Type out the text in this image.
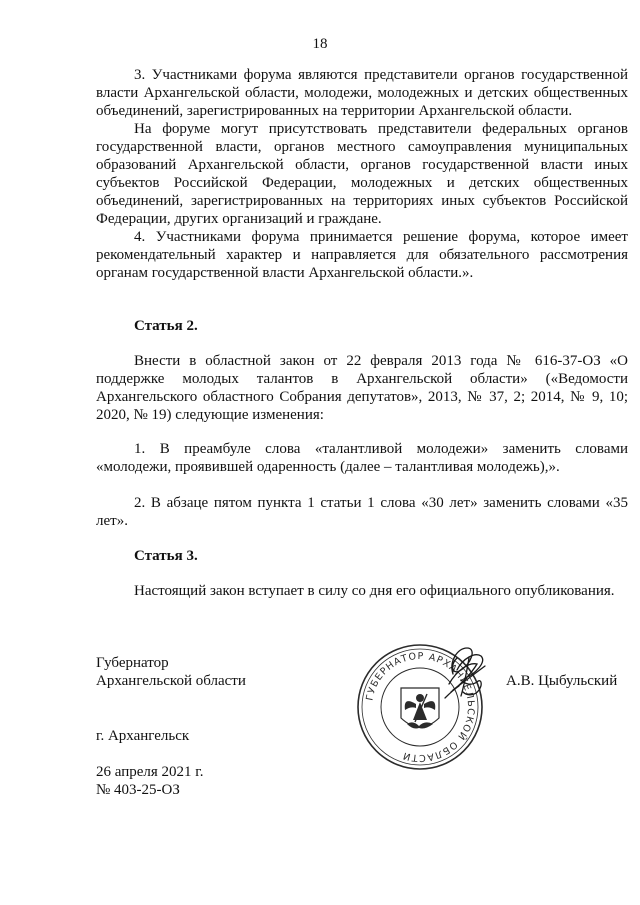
18

3. Участниками форума являются представители органов государственной власти Архангельской области, молодежи, молодежных и детских общественных объединений, зарегистрированных на территории Архангельской области.

На форуме могут присутствовать представители федеральных органов государственной власти, органов местного самоуправления муниципальных образований Архангельской области, органов государственной власти иных субъектов Российской Федерации, молодежных и детских общественных объединений, зарегистрированных на территориях иных субъектов Российской Федерации, других организаций и граждане.

4. Участниками форума принимается решение форума, которое имеет рекомендательный характер и направляется для обязательного рассмотрения органам государственной власти Архангельской области.».

Статья 2.

Внести в областной закон от 22 февраля 2013 года № 616-37-ОЗ «О поддержке молодых талантов в Архангельской области» («Ведомости Архангельского областного Собрания депутатов», 2013, № 37, 2; 2014, № 9, 10; 2020, № 19) следующие изменения:

1. В преамбуле слова «талантливой молодежи» заменить словами «молодежи, проявившей одаренность (далее – талантливая молодежь),».

2. В абзаце пятом пункта 1 статьи 1 слова «30 лет» заменить словами «35 лет».

Статья 3.

Настоящий закон вступает в силу со дня его официального опубликования.

Губернатор
Архангельской области	А.В. Цыбульский
г. Архангельск
26 апреля 2021 г.
№ 403-25-ОЗ
ГУБЕРНАТОР АРХАНГЕЛЬСКОЙ ОБЛАСТИ
